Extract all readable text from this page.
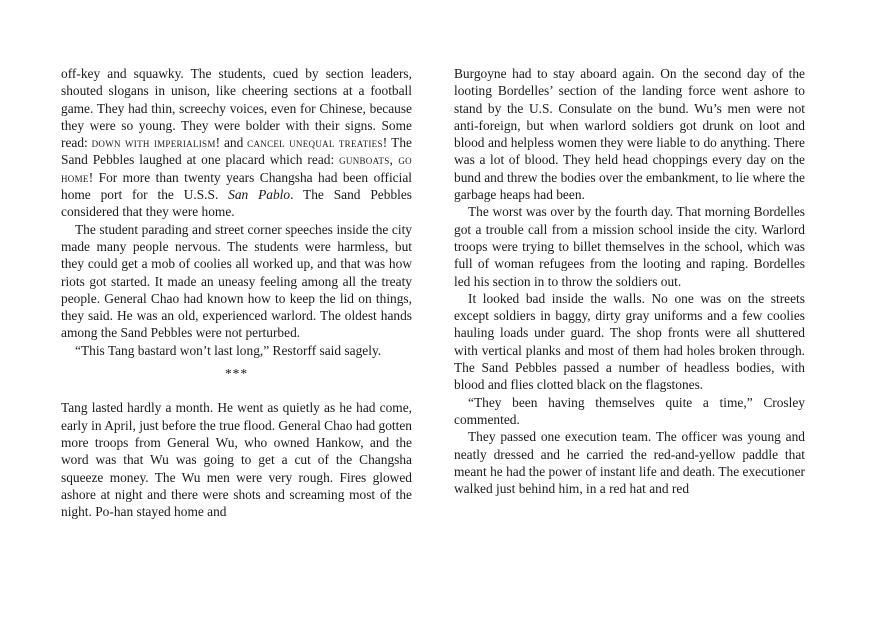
off-key and squawky. The students, cued by section leaders, shouted slogans in unison, like cheering sections at a football game. They had thin, screechy voices, even for Chinese, because they were so young. They were bolder with their signs. Some read: down with imperialism! and cancel unequal treaties! The Sand Pebbles laughed at one placard which read: gunboats, go home! For more than twenty years Changsha had been official home port for the U.S.S. San Pablo. The Sand Pebbles considered that they were home.

The student parading and street corner speeches inside the city made many people nervous. The students were harmless, but they could get a mob of coolies all worked up, and that was how riots got started. It made an uneasy feeling among all the treaty people. General Chao had known how to keep the lid on things, they said. He was an old, experienced warlord. The oldest hands among the Sand Pebbles were not perturbed.

“This Tang bastard won’t last long,” Restorff said sagely.

***

Tang lasted hardly a month. He went as quietly as he had come, early in April, just before the true flood. General Chao had gotten more troops from General Wu, who owned Hankow, and the word was that Wu was going to get a cut of the Changsha squeeze money. The Wu men were very rough. Fires glowed ashore at night and there were shots and screaming most of the night. Po-han stayed home and

Burgoyne had to stay aboard again. On the second day of the looting Bordelles’ section of the landing force went ashore to stand by the U.S. Consulate on the bund. Wu’s men were not anti-foreign, but when warlord soldiers got drunk on loot and blood and helpless women they were liable to do anything. There was a lot of blood. They held head choppings every day on the bund and threw the bodies over the embankment, to lie where the garbage heaps had been.

The worst was over by the fourth day. That morning Bordelles got a trouble call from a mission school inside the city. Warlord troops were trying to billet themselves in the school, which was full of woman refugees from the looting and raping. Bordelles led his section in to throw the soldiers out.

It looked bad inside the walls. No one was on the streets except soldiers in baggy, dirty gray uniforms and a few coolies hauling loads under guard. The shop fronts were all shuttered with vertical planks and most of them had holes broken through. The Sand Pebbles passed a number of headless bodies, with blood and flies clotted black on the flagstones.

“They been having themselves quite a time,” Crosley commented.

They passed one execution team. The officer was young and neatly dressed and he carried the red-and-yellow paddle that meant he had the power of instant life and death. The executioner walked just behind him, in a red hat and red
